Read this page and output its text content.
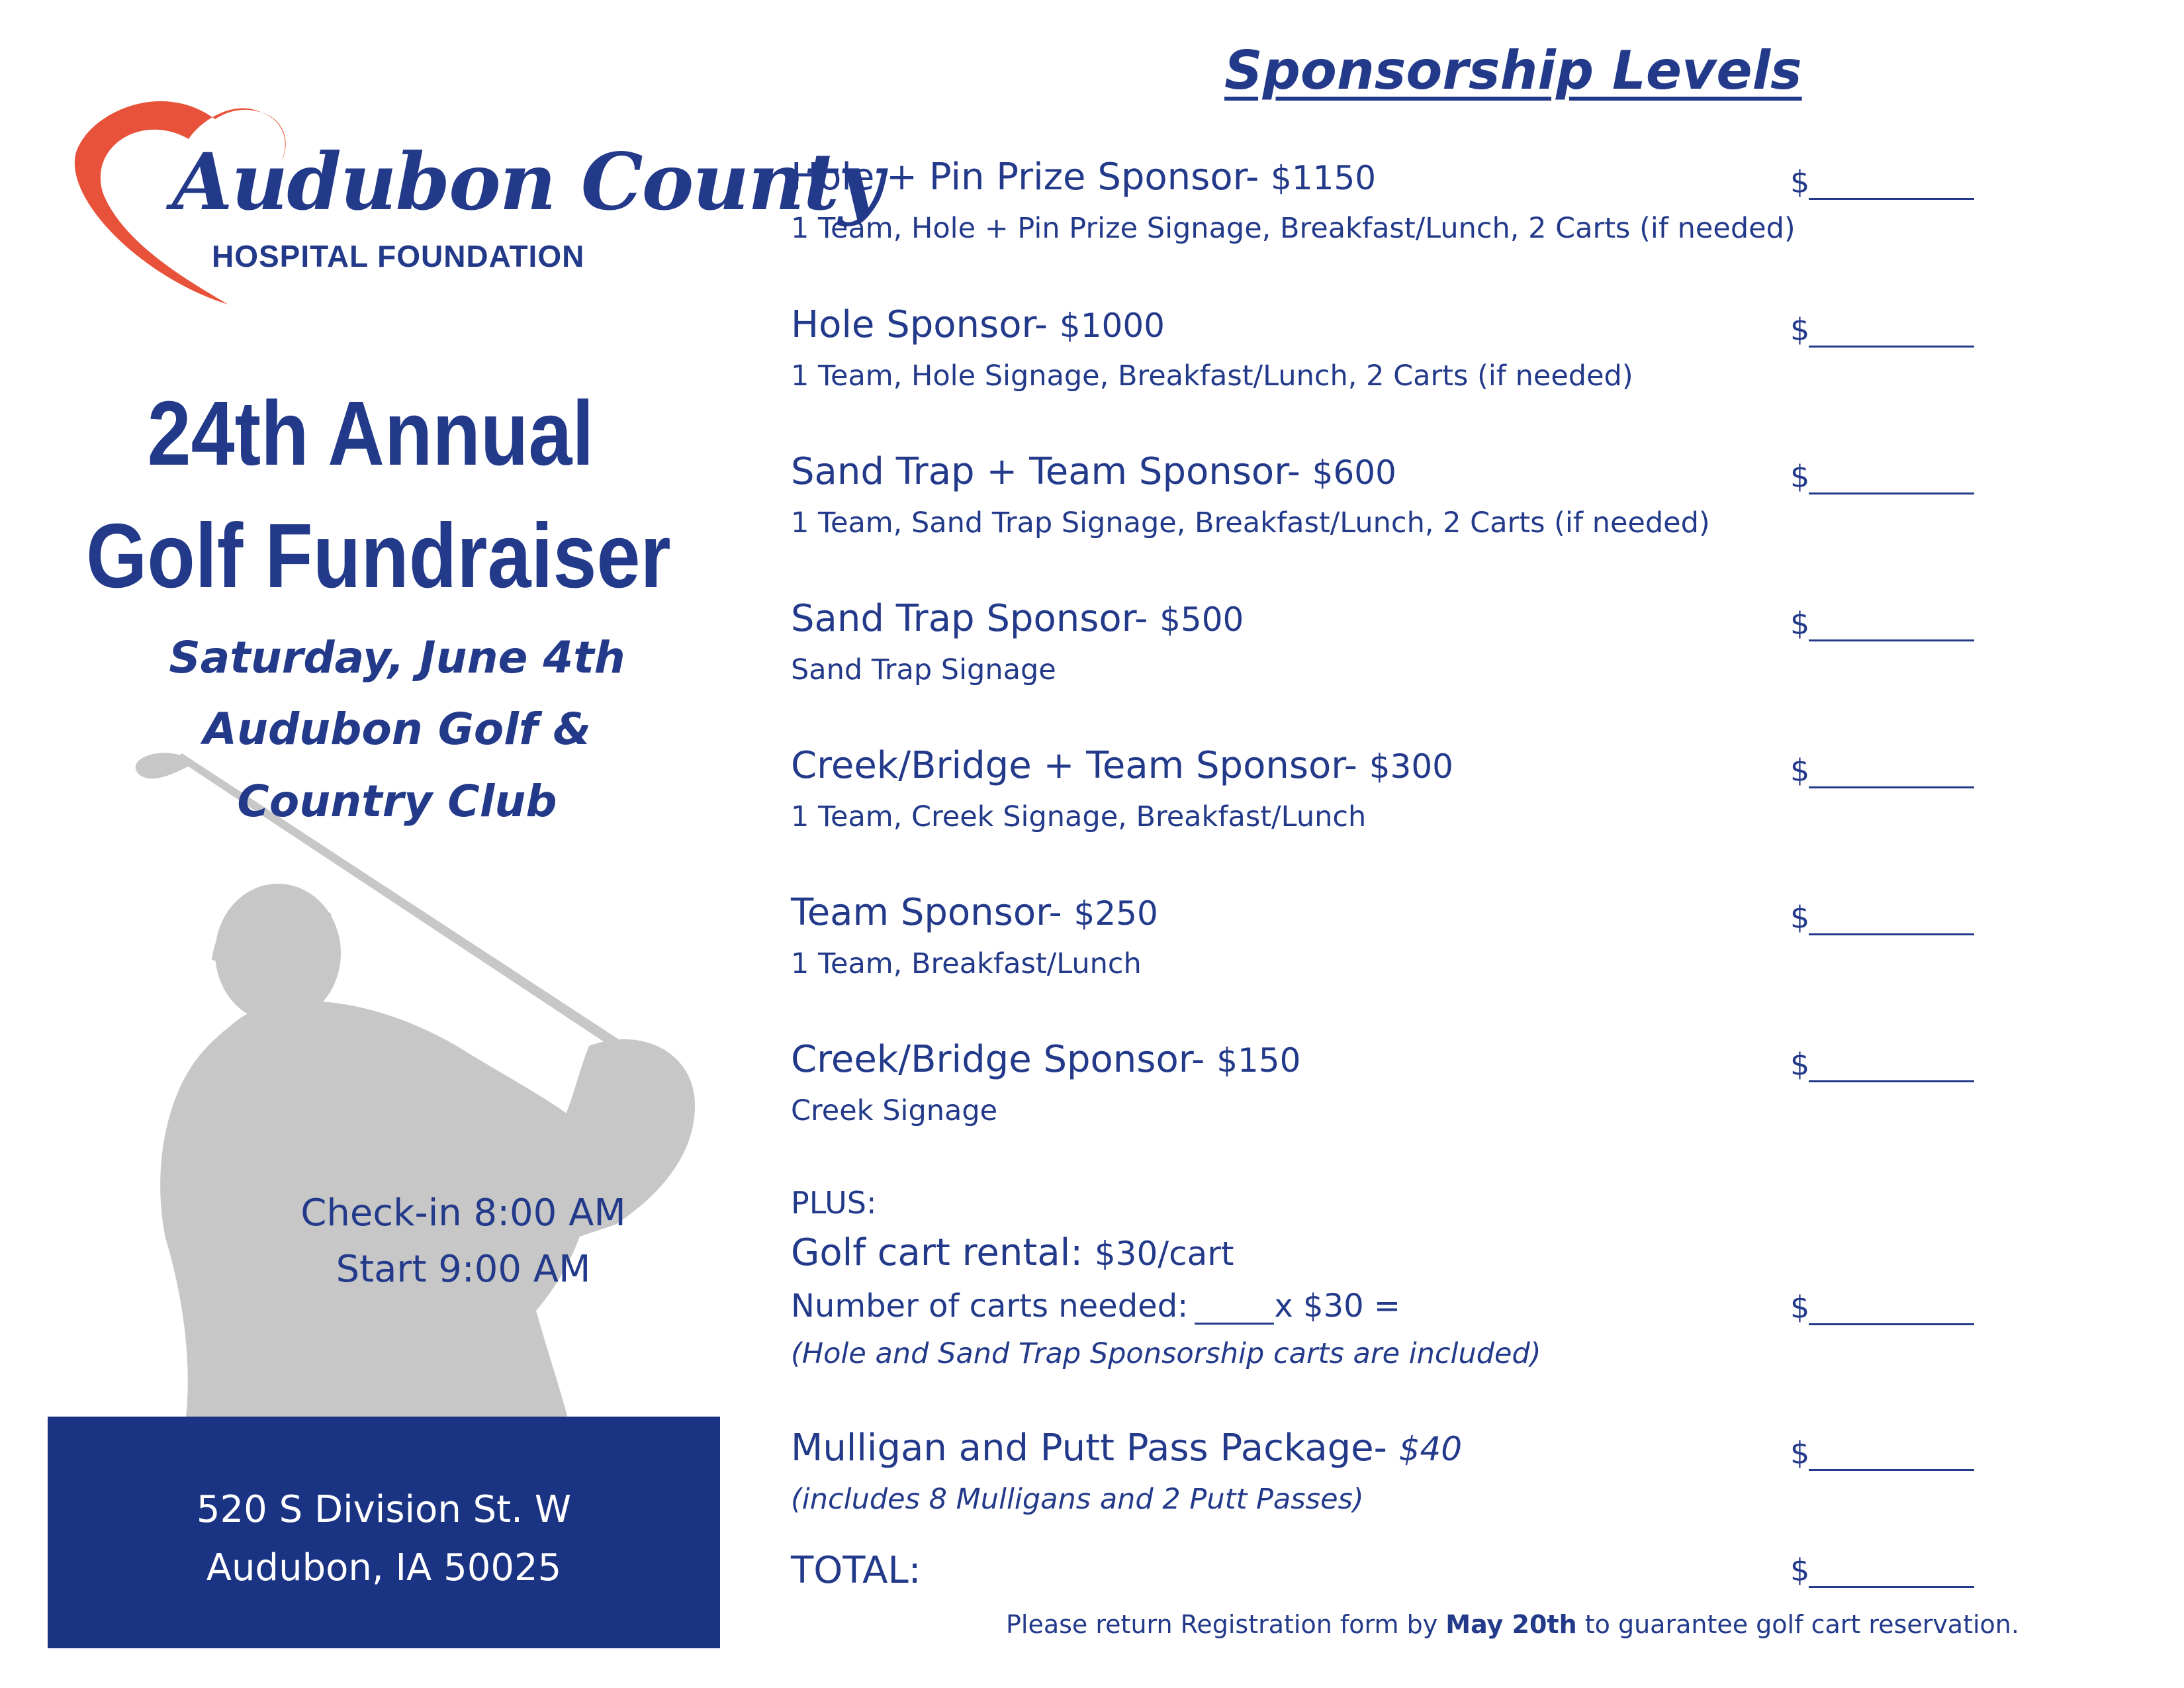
Audubon County
HOSPITAL FOUNDATION
24th Annual
Golf Fundraiser
Saturday, June 4th
Audubon Golf &
Country Club
Check-in 8:00 AM
Start 9:00 AM
520 S Division St. W
Audubon, IA 50025
Sponsorship Levels
Hole + Pin Prize Sponsor- $1150
1 Team, Hole + Pin Prize Signage, Breakfast/Lunch, 2 Carts (if needed)
$
Hole Sponsor- $1000
1 Team, Hole Signage, Breakfast/Lunch, 2 Carts (if needed)
$
Sand Trap + Team Sponsor- $600
1 Team, Sand Trap Signage, Breakfast/Lunch, 2 Carts (if needed)
$
Sand Trap Sponsor- $500
Sand Trap Signage
$
Creek/Bridge + Team Sponsor- $300
1 Team, Creek Signage, Breakfast/Lunch
$
Team Sponsor- $250
1 Team, Breakfast/Lunch
$
Creek/Bridge Sponsor- $150
Creek Signage
$
PLUS:
Golf cart rental: $30/cart
Number of carts needed:	x $30 =	$
(Hole and Sand Trap Sponsorship carts are included)
Mulligan and Putt Pass Package- $40
(includes 8 Mulligans and 2 Putt Passes)
$
TOTAL:	$
Please return Registration form by May 20th to guarantee golf cart reservation.
